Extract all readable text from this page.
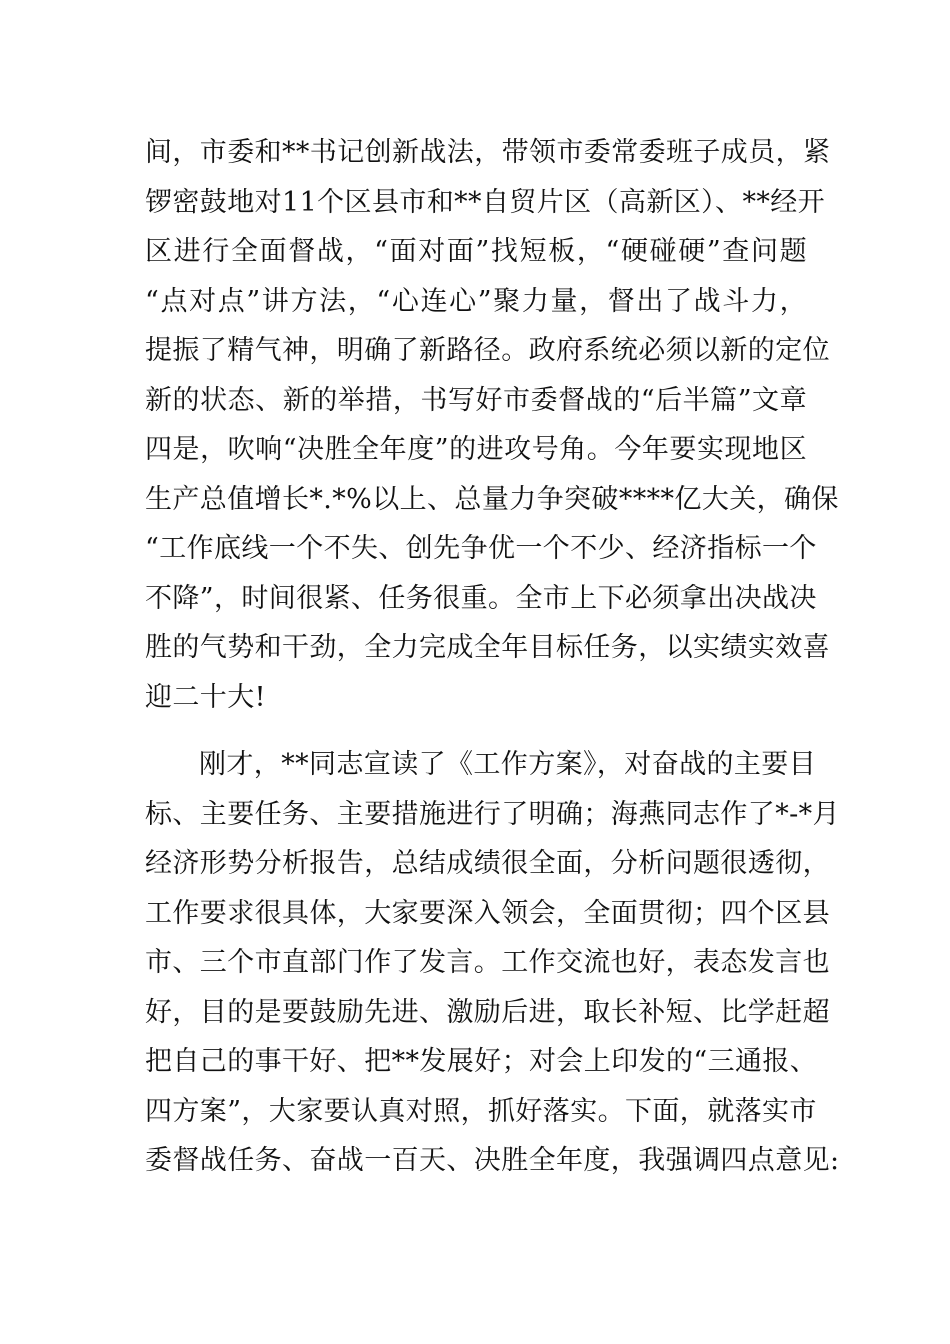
间，市委和**书记创新战法，带领市委常委班子成员，紧
锣密鼓地对11个区县市和**自贸片区（高新区）、**经开
区进行全面督战，“面对面”找短板，“硬碰硬”查问题
“点对点”讲方法，“心连心”聚力量，督出了战斗力，
提振了精气神，明确了新路径。政府系统必须以新的定位
新的状态、新的举措，书写好市委督战的“后半篇”文章
四是，吹响“决胜全年度”的进攻号角。今年要实现地区
生产总值增长*.*%以上、总量力争突破****亿大关，确保
“工作底线一个不失、创先争优一个不少、经济指标一个
不降”，时间很紧、任务很重。全市上下必须拿出决战决
胜的气势和干劲，全力完成全年目标任务，以实绩实效喜
迎二十大!
刚才，**同志宣读了《工作方案》，对奋战的主要目
标、主要任务、主要措施进行了明确；海燕同志作了*-*月
经济形势分析报告，总结成绩很全面，分析问题很透彻，
工作要求很具体，大家要深入领会，全面贯彻；四个区县
市、三个市直部门作了发言。工作交流也好，表态发言也
好，目的是要鼓励先进、激励后进，取长补短、比学赶超
把自己的事干好、把**发展好；对会上印发的“三通报、
四方案”，大家要认真对照，抓好落实。下面，就落实市
委督战任务、奋战一百天、决胜全年度，我强调四点意见:
